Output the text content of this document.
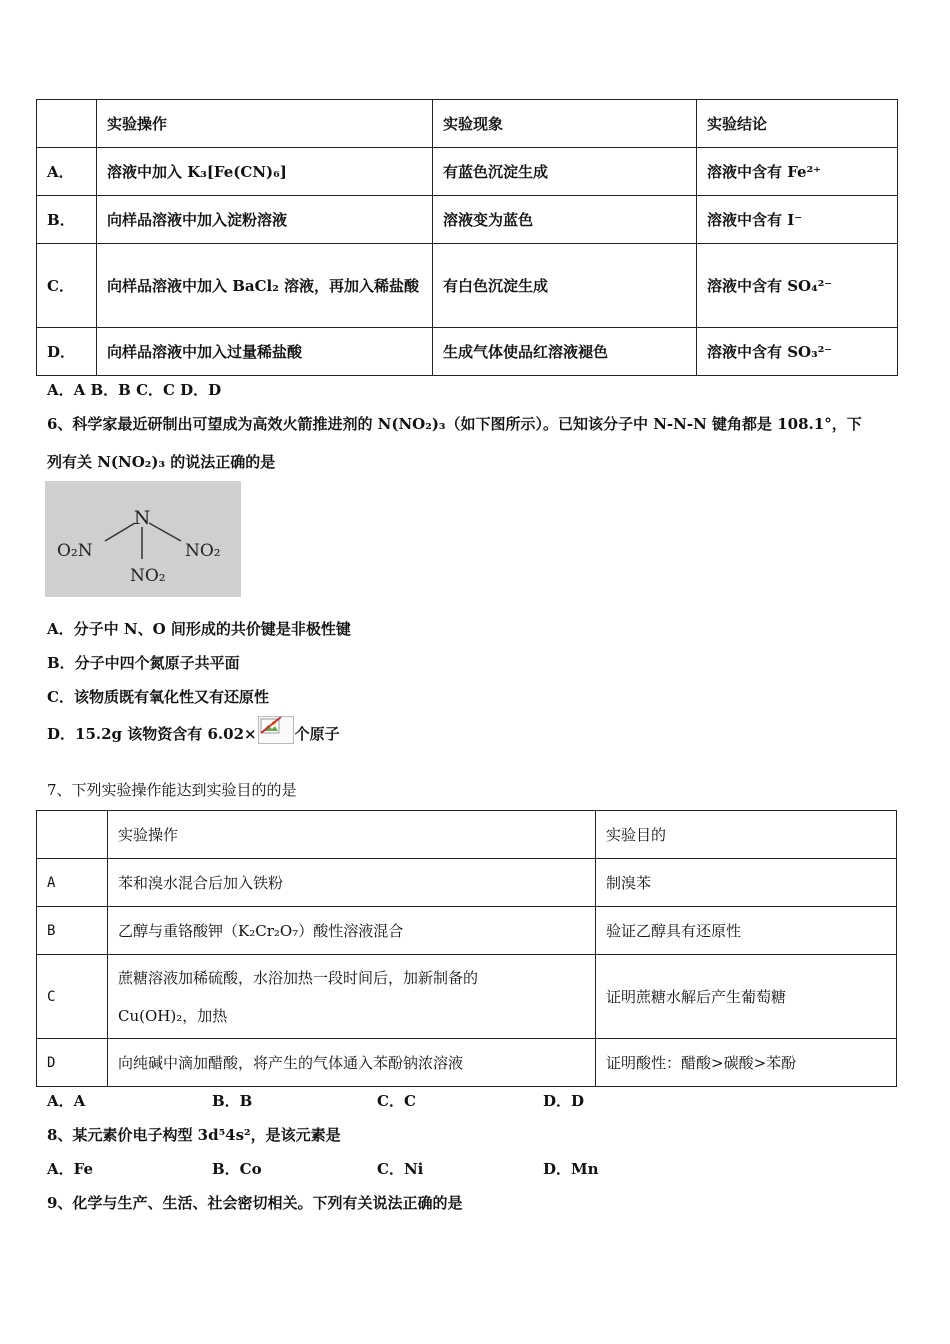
	实验操作	实验现象	实验结论
A．	溶液中加入 K₃[Fe(CN)₆]	有蓝色沉淀生成	溶液中含有 Fe²⁺
B．	向样品溶液中加入淀粉溶液	溶液变为蓝色	溶液中含有 I⁻
C．	向样品溶液中加入 BaCl₂ 溶液，再加入稀盐酸	有白色沉淀生成	溶液中含有 SO₄²⁻
D．	向样品溶液中加入过量稀盐酸	生成气体使品红溶液褪色	溶液中含有 SO₃²⁻
A．A B．B C．C D．D
6、科学家最近研制出可望成为高效火箭推进剂的 N(NO₂)₃（如下图所示）。已知该分子中 N-N-N 键角都是 108.1°，下
列有关 N(NO₂)₃ 的说法正确的是
N
O₂N	NO₂
NO₂
A．分子中 N、O 间形成的共价键是非极性键
B．分子中四个氮原子共平面
C．该物质既有氧化性又有还原性
D．15.2g 该物资含有 6.02×	个原子
7、下列实验操作能达到实验目的的是
	实验操作	实验目的
A	苯和溴水混合后加入铁粉	制溴苯
B	乙醇与重铬酸钾（K₂Cr₂O₇）酸性溶液混合	验证乙醇具有还原性
C	蔗糖溶液加稀硫酸，水浴加热一段时间后，加新制备的
Cu(OH)₂，加热	证明蔗糖水解后产生葡萄糖
D	向纯碱中滴加醋酸，将产生的气体通入苯酚钠浓溶液	证明酸性：醋酸>碳酸>苯酚
A．A	B．B	C．C	D．D
8、某元素价电子构型 3d⁵4s²，是该元素是
A．Fe	B．Co	C．Ni	D．Mn
9、化学与生产、生活、社会密切相关。下列有关说法正确的是
